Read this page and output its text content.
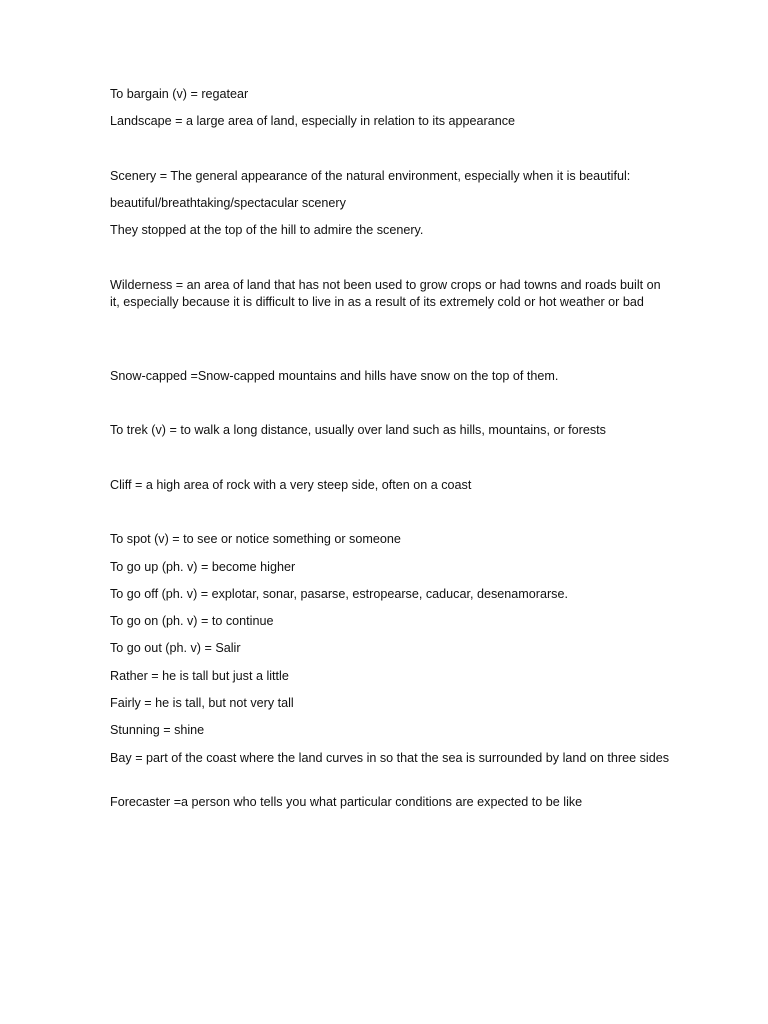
To bargain (v) = regatear
Landscape = a large area of land, especially in relation to its appearance
Scenery = The general appearance of the natural environment, especially when it is beautiful:
beautiful/breathtaking/spectacular scenery
They stopped at the top of the hill to admire the scenery.
Wilderness = an area of land that has not been used to grow crops or had towns and roads built on it, especially because it is difficult to live in as a result of its extremely cold or hot weather or bad
Snow-capped =Snow-capped mountains and hills have snow on the top of them.
To trek (v) = to walk a long distance, usually over land such as hills, mountains, or forests
Cliff = a high area of rock with a very steep side, often on a coast
To spot (v) = to see or notice something or someone
To go up (ph. v) = become higher
To go off (ph. v) = explotar, sonar, pasarse, estropearse, caducar, desenamorarse.
To go on (ph. v) = to continue
To go out (ph. v) = Salir
Rather = he is tall but just a little
Fairly = he is tall, but not very tall
Stunning = shine
Bay = part of the coast where the land curves in so that the sea is surrounded by land on three sides
Forecaster =a person who tells you what particular conditions are expected to be like
